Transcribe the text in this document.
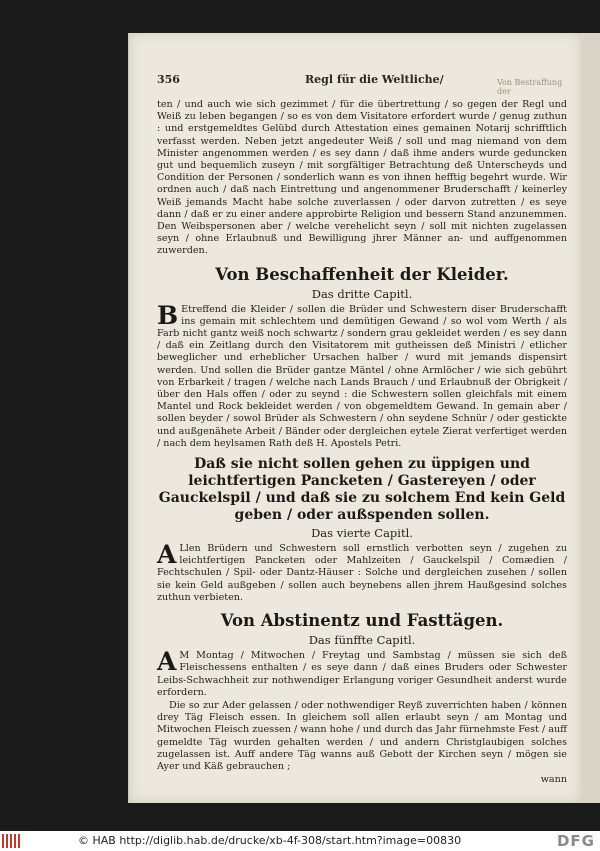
356	Regl für die Weltliche/	Von Bestraffung der

ten / und auch wie sich gezimmet / für die übertrettung / so gegen der Regl und Weiß zu leben begangen / so es von dem Visitatore erfordert wurde / genug zuthun : und erstgemeldtes Gelübd durch Attestation eines gemainen Notarij schrifftlich verfasst werden. Neben jetzt angedeuter Weiß / soll und mag niemand von dem Minister angenommen werden / es sey dann / daß ihme anders wurde geduncken gut und bequemlich zuseyn / mit sorgfältiger Betrachtung deß Unterscheyds und Condition der Personen / sonderlich wann es von ihnen hefftig begehrt wurde. Wir ordnen auch / daß nach Eintrettung und angenommener Bruderschafft / keinerley Weiß jemands Macht habe solche zuverlassen / oder darvon zutretten / es seye dann / daß er zu einer andere approbirte Religion und bessern Stand anzunemmen. Den Weibspersonen aber / welche verehelicht seyn / soll mit nichten zugelassen seyn / ohne Erlaubnuß und Bewilligung jhrer Männer an- und auffgenommen zuwerden.

Von Beschaffenheit der Kleider.
Das dritte Capitl.

B Etreffend die Kleider / sollen die Brüder und Schwestern diser Bruderschafft ins gemain mit schlechtem und demütigen Gewand / so wol vom Werth / als Farb nicht gantz weiß noch schwartz / sondern grau gekleidet werden / es sey dann / daß ein Zeitlang durch den Visitatorem mit gutheissen deß Ministri / etlicher beweglicher und erheblicher Ursachen halber / wurd mit jemands dispensirt werden. Und sollen die Brüder gantze Mäntel / ohne Armlöcher / wie sich gebührt von Erbarkeit / tragen / welche nach Lands Brauch / und Erlaubnuß der Obrigkeit / über den Hals offen / oder zu seynd : die Schwestern sollen gleichfals mit einem Mantel und Rock bekleidet werden / von obgemeldtem Gewand. In gemain aber / sollen beyder / sowol Brüder als Schwestern / ohn seydene Schnür / oder gestickte und außgenähete Arbeit / Bänder oder dergleichen eytele Zierat verfertiget werden / nach dem heylsamen Rath deß H. Apostels Petri.

Daß sie nicht sollen gehen zu üppigen und leichtfertigen Pancketen / Gastereyen / oder Gauckelspil / und daß sie zu solchem End kein Geld geben / oder außspenden sollen.
Das vierte Capitl.

A Llen Brüdern und Schwestern soll ernstlich verbotten seyn / zugehen zu leichtfertigen Pancketen oder Mahlzeiten / Gauckelspil / Comædien / Fechtschulen / Spil- oder Dantz-Häuser : Solche und dergleichen zusehen / sollen sie kein Geld außgeben / sollen auch beynebens allen jhrem Haußgesind solches zuthun verbieten.

Von Abstinentz und Fasttägen.
Das fünffte Capitl.

A M Montag / Mitwochen / Freytag und Sambstag / müssen sie sich deß Fleischessens enthalten / es seye dann / daß eines Bruders oder Schwester Leibs-Schwachheit zur nothwendiger Erlangung voriger Gesundheit anderst wurde erfordern.

Die so zur Ader gelassen / oder nothwendiger Reyß zuverrichten haben / können drey Täg Fleisch essen. In gleichem soll allen erlaubt seyn / am Montag und Mitwochen Fleisch zuessen / wann hohe / und durch das Jahr fürnehmste Fest / auff gemeldte Täg wurden gehalten werden / und andern Christglaubigen solches zugelassen ist. Auff andere Täg wanns auß Gebott der Kirchen seyn / mögen sie Ayer und Käß gebrauchen ;

wann
© HAB http://diglib.hab.de/drucke/xb-4f-308/start.htm?image=00830	DFG
